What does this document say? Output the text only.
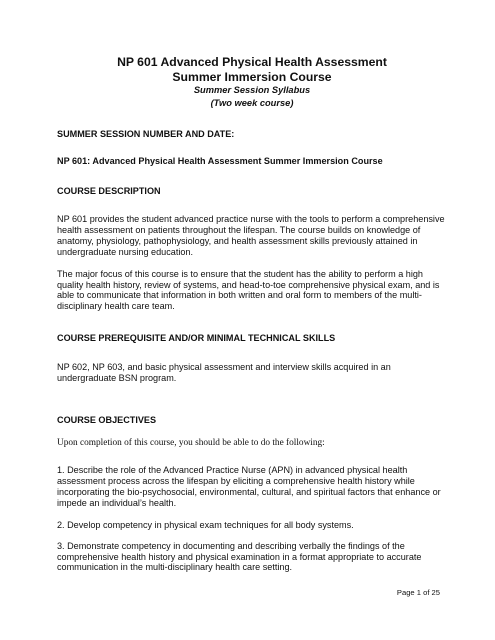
NP 601 Advanced Physical Health Assessment
Summer Immersion Course
Summer Session Syllabus
(Two week course)
SUMMER SESSION NUMBER AND DATE:
NP 601: Advanced Physical Health Assessment Summer Immersion Course
COURSE DESCRIPTION
NP 601 provides the student advanced practice nurse with the tools to perform a comprehensive health assessment on patients throughout the lifespan. The course builds on knowledge of anatomy, physiology, pathophysiology, and health assessment skills previously attained in undergraduate nursing education.
The major focus of this course is to ensure that the student has the ability to perform a high quality health history, review of systems, and head-to-toe comprehensive physical exam, and is able to communicate that information in both written and oral form to members of the multi-disciplinary health care team.
COURSE PREREQUISITE AND/OR MINIMAL TECHNICAL SKILLS
NP 602, NP 603, and basic physical assessment and interview skills acquired in an undergraduate BSN program.
COURSE OBJECTIVES
Upon completion of this course, you should be able to do the following:
1. Describe the role of the Advanced Practice Nurse (APN) in advanced physical health assessment process across the lifespan by eliciting a comprehensive health history while incorporating the bio-psychosocial, environmental, cultural, and spiritual factors that enhance or impede an individual’s health.
2. Develop competency in physical exam techniques for all body systems.
3. Demonstrate competency in documenting and describing verbally the findings of the comprehensive health history and physical examination in a format appropriate to accurate communication in the multi-disciplinary health care setting.
Page 1 of 25
